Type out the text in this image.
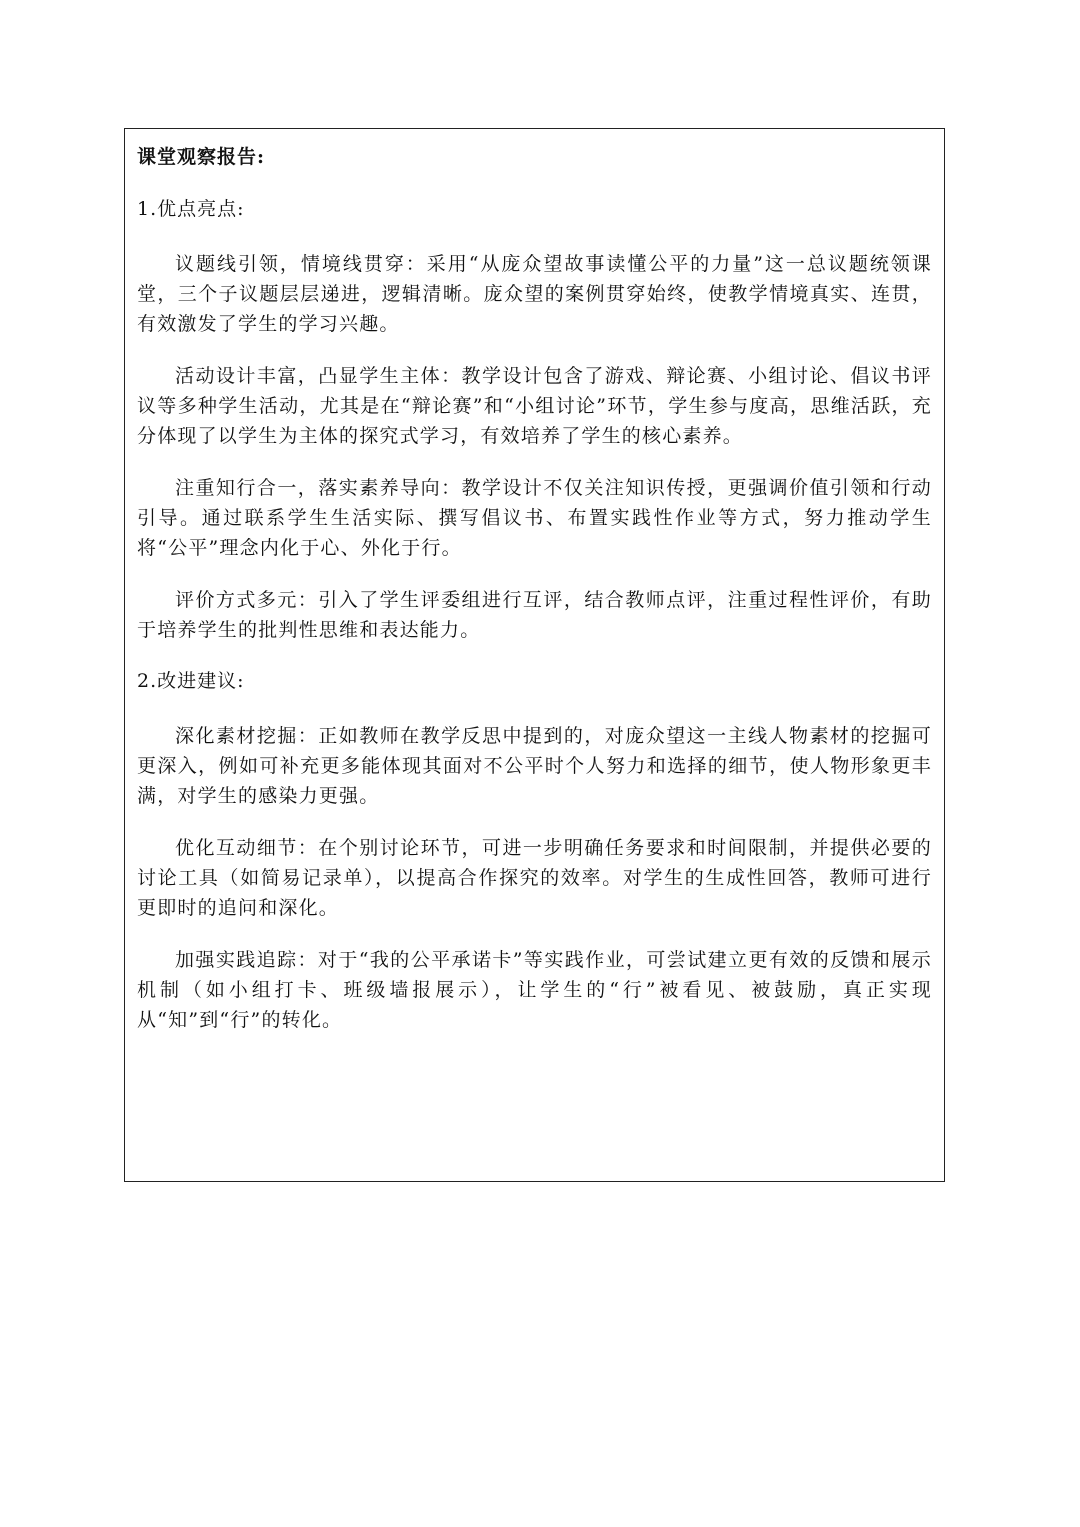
课堂观察报告:
1.优点亮点:

议题线引领，情境线贯穿：采用“从庞众望故事读懂公平的力量”这一总议题统领课堂，三个子议题层层递进，逻辑清晰。庞众望的案例贯穿始终，使教学情境真实、连贯，有效激发了学生的学习兴趣。

活动设计丰富，凸显学生主体：教学设计包含了游戏、辩论赛、小组讨论、倡议书评议等多种学生活动，尤其是在“辩论赛”和“小组讨论”环节，学生参与度高，思维活跃，充分体现了以学生为主体的探究式学习，有效培养了学生的核心素养。

注重知行合一，落实素养导向：教学设计不仅关注知识传授，更强调价值引领和行动引导。通过联系学生生活实际、撰写倡议书、布置实践性作业等方式，努力推动学生将“公平”理念内化于心、外化于行。

评价方式多元：引入了学生评委组进行互评，结合教师点评，注重过程性评价，有助于培养学生的批判性思维和表达能力。

2.改进建议:

深化素材挖掘：正如教师在教学反思中提到的，对庞众望这一主线人物素材的挖掘可更深入，例如可补充更多能体现其面对不公平时个人努力和选择的细节，使人物形象更丰满，对学生的感染力更强。

优化互动细节：在个别讨论环节，可进一步明确任务要求和时间限制，并提供必要的讨论工具（如简易记录单），以提高合作探究的效率。对学生的生成性回答，教师可进行更即时的追问和深化。

加强实践追踪：对于“我的公平承诺卡”等实践作业，可尝试建立更有效的反馈和展示机制（如小组打卡、班级墙报展示），让学生的“行”被看见、被鼓励，真正实现从“知”到“行”的转化。
